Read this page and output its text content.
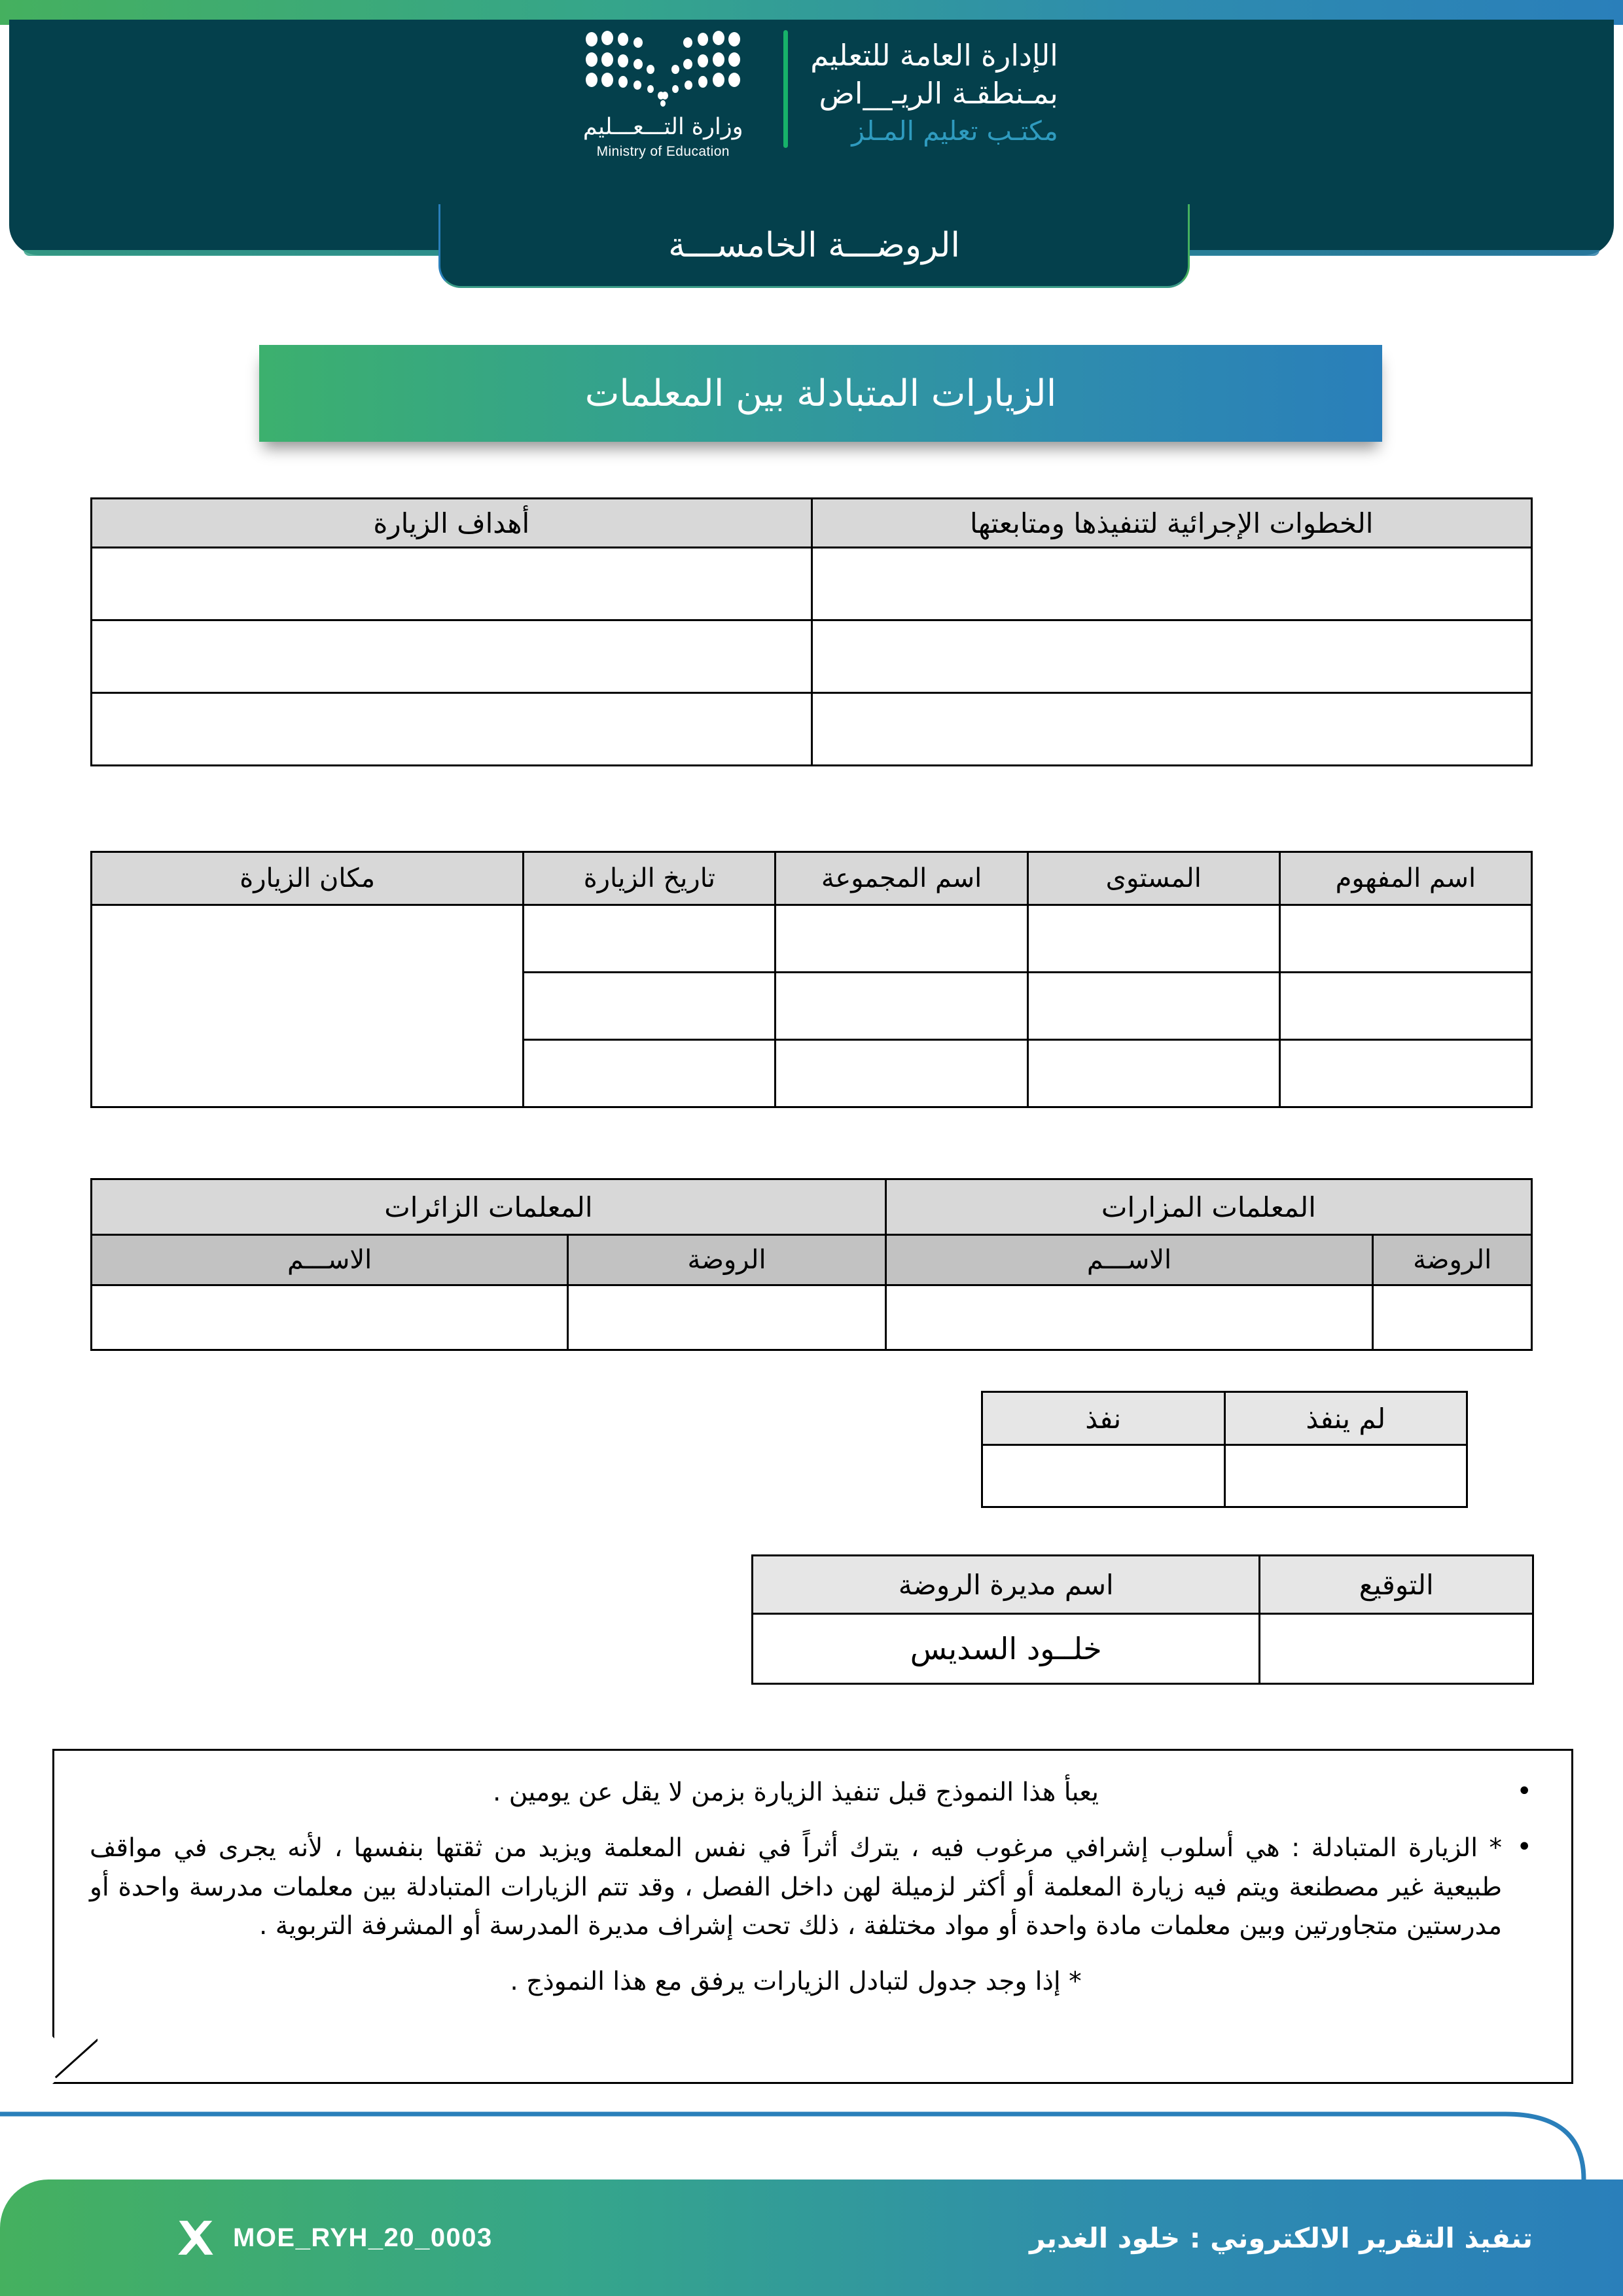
وزارة التـــعـــليم
Ministry of Education
الإدارة العامة للتعليم
بمـنطقـة الريـ__اض
مكتـب تعليم المـلز
الروضـــة الخامســـة
الزيارات المتبادلة بين المعلمات
الخطوات الإجرائية لتنفيذها ومتابعتها	أهداف الزيارة

اسم المفهوم	المستوى	اسم المجموعة	تاريخ الزيارة	مكان الزيارة

المعلمات المزارات		المعلمات الزائرات	
الروضة	الاســـم	الروضة	الاســـم

لم ينفذ	نفذ

التوقيع	اسم مديرة الروضة
	خلــود السديس
• يعبأ هذا النموذج قبل تنفيذ الزيارة بزمن لا يقل عن يومين .
• * الزيارة المتبادلة : هي أسلوب إشرافي مرغوب فيه ، يترك أثراً في نفس المعلمة ويزيد من ثقتها بنفسها ، لأنه يجرى في مواقف طبيعية غير مصطنعة ويتم فيه زيارة المعلمة أو أكثر لزميلة لهن داخل الفصل ، وقد تتم الزيارات المتبادلة بين معلمات مدرسة واحدة أو مدرستين متجاورتين وبين معلمات مادة واحدة أو مواد مختلفة ، ذلك تحت إشراف مديرة المدرسة أو المشرفة التربوية .
* إذا وجد جدول لتبادل الزيارات يرفق مع هذا النموذج .
تنفيذ التقرير الالكتروني : خلود الغدير
MOE_RYH_20_0003
